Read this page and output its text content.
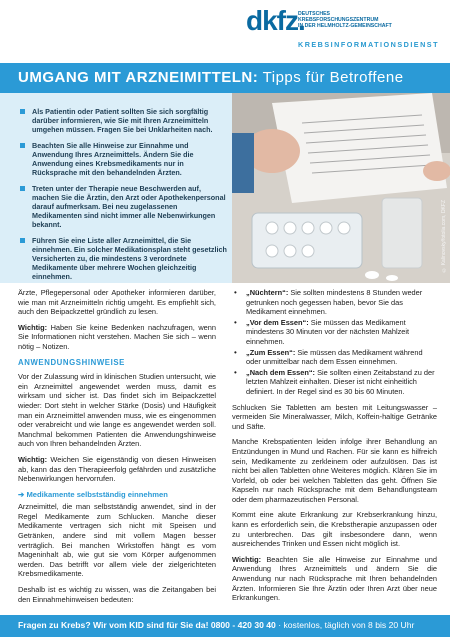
dkfz.
DEUTSCHES
KREBSFORSCHUNGSZENTRUM
IN DER HELMHOLTZ-GEMEINSCHAFT
KREBSINFORMATIONSDIENST
UMGANG MIT ARZNEIMITTELN: Tipps für Betroffene
Als Patientin oder Patient sollten Sie sich sorgfältig darüber informieren, wie Sie mit Ihren Arzneimitteln umgehen müssen. Fragen Sie bei Unklarheiten nach.
Beachten Sie alle Hinweise zur Einnahme und Anwendung Ihres Arzneimittels. Ändern Sie die Anwendung eines Krebsmedikaments nur in Rücksprache mit den behandelnden Ärzten.
Treten unter der Therapie neue Beschwerden auf, machen Sie die Ärztin, den Arzt oder Apothekenpersonal darauf aufmerksam. Bei neu zugelassenen Medikamenten sind nicht immer alle Nebenwirkungen bekannt.
Führen Sie eine Liste aller Arzneimittel, die Sie einnehmen. Ein solcher Medikationsplan steht gesetzlich Versicherten zu, die mindestens 3 verordnete Medikamente über mehrere Wochen gleichzeitig einnehmen.
© Kalinovsky/fotolia.com, DKFZ

Ärzte, Pflegepersonal oder Apotheker informieren darüber, wie man mit Arzneimitteln richtig umgeht. Es empfiehlt sich, auch den Beipackzettel gründlich zu lesen.

Wichtig: Haben Sie keine Bedenken nachzufragen, wenn Sie Informationen nicht verstehen. Machen Sie sich – wenn nötig – Notizen.

ANWENDUNGSHINWEISE

Vor der Zulassung wird in klinischen Studien untersucht, wie ein Arzneimittel angewendet werden muss, damit es wirksam und sicher ist. Das findet sich im Beipackzettel wieder: Dort steht in welcher Stärke (Dosis) und Häufigkeit man ein Arzneimittel anwenden muss, wie es eingenommen oder verabreicht und wie lange es angewendet werden soll. Manchmal bekommen Patienten die Anwendungshinweise auch von Ihren behandelnden Ärzten.

Wichtig: Weichen Sie eigenständig von diesen Hinweisen ab, kann das den Therapieerfolg gefährden und zusätzliche Nebenwirkungen hervorrufen.

➔ Medikamente selbstständig einnehmen

Arzneimittel, die man selbstständig anwendet, sind in der Regel Medikamente zum Schlucken. Manche dieser Medikamente vertragen sich nicht mit Speisen und Getränken, andere sind mit vollem Magen besser verträglich. Bei manchen Wirkstoffen hängt es vom Mageninhalt ab, wie gut sie vom Körper aufgenommen werden. Das betrifft vor allem viele der zielgerichteten Krebsmedikamente.

Deshalb ist es wichtig zu wissen, was die Zeitangaben bei den Einnahmehinweisen bedeuten:

• „Nüchtern“: Sie sollten mindestens 8 Stunden weder getrunken noch gegessen haben, bevor Sie das Medikament einnehmen.
• „Vor dem Essen“: Sie müssen das Medikament mindestens 30 Minuten vor der nächsten Mahlzeit einnehmen.
• „Zum Essen“: Sie müssen das Medikament während oder unmittelbar nach dem Essen einnehmen.
• „Nach dem Essen“: Sie sollten einen Zeitabstand zu der letzten Mahlzeit einhalten. Dieser ist nicht einheitlich definiert. In der Regel sind es 30 bis 60 Minuten.

Schlucken Sie Tabletten am besten mit Leitungswasser – vermeiden Sie Mineralwasser, Milch, Koffein-haltige Getränke und Säfte.

Manche Krebspatienten leiden infolge ihrer Behandlung an Entzündungen in Mund und Rachen. Für sie kann es hilfreich sein, Medikamente zu zerkleinern oder aufzulösen. Das ist nicht bei allen Tabletten ohne Weiteres möglich. Klären Sie im Vorfeld, ob oder bei welchen Tabletten das geht. Öffnen Sie Kapseln nur nach Rücksprache mit dem Behandlungsteam oder dem pharmazeutischen Personal.

Kommt eine akute Erkrankung zur Krebserkrankung hinzu, kann es erforderlich sein, die Krebstherapie anzupassen oder zu unterbrechen. Das gilt insbesondere dann, wenn ausreichendes Trinken und Essen nicht möglich ist.

Wichtig: Beachten Sie alle Hinweise zur Einnahme und Anwendung Ihres Arzneimittels und ändern Sie die Anwendung nur nach Rücksprache mit Ihren behandelnden Ärzten. Informieren Sie Ihre Ärztin oder Ihren Arzt über neue Erkrankungen.

Fragen zu Krebs? Wir vom KID sind für Sie da! 0800 - 420 30 40 · kostenlos, täglich von 8 bis 20 Uhr
